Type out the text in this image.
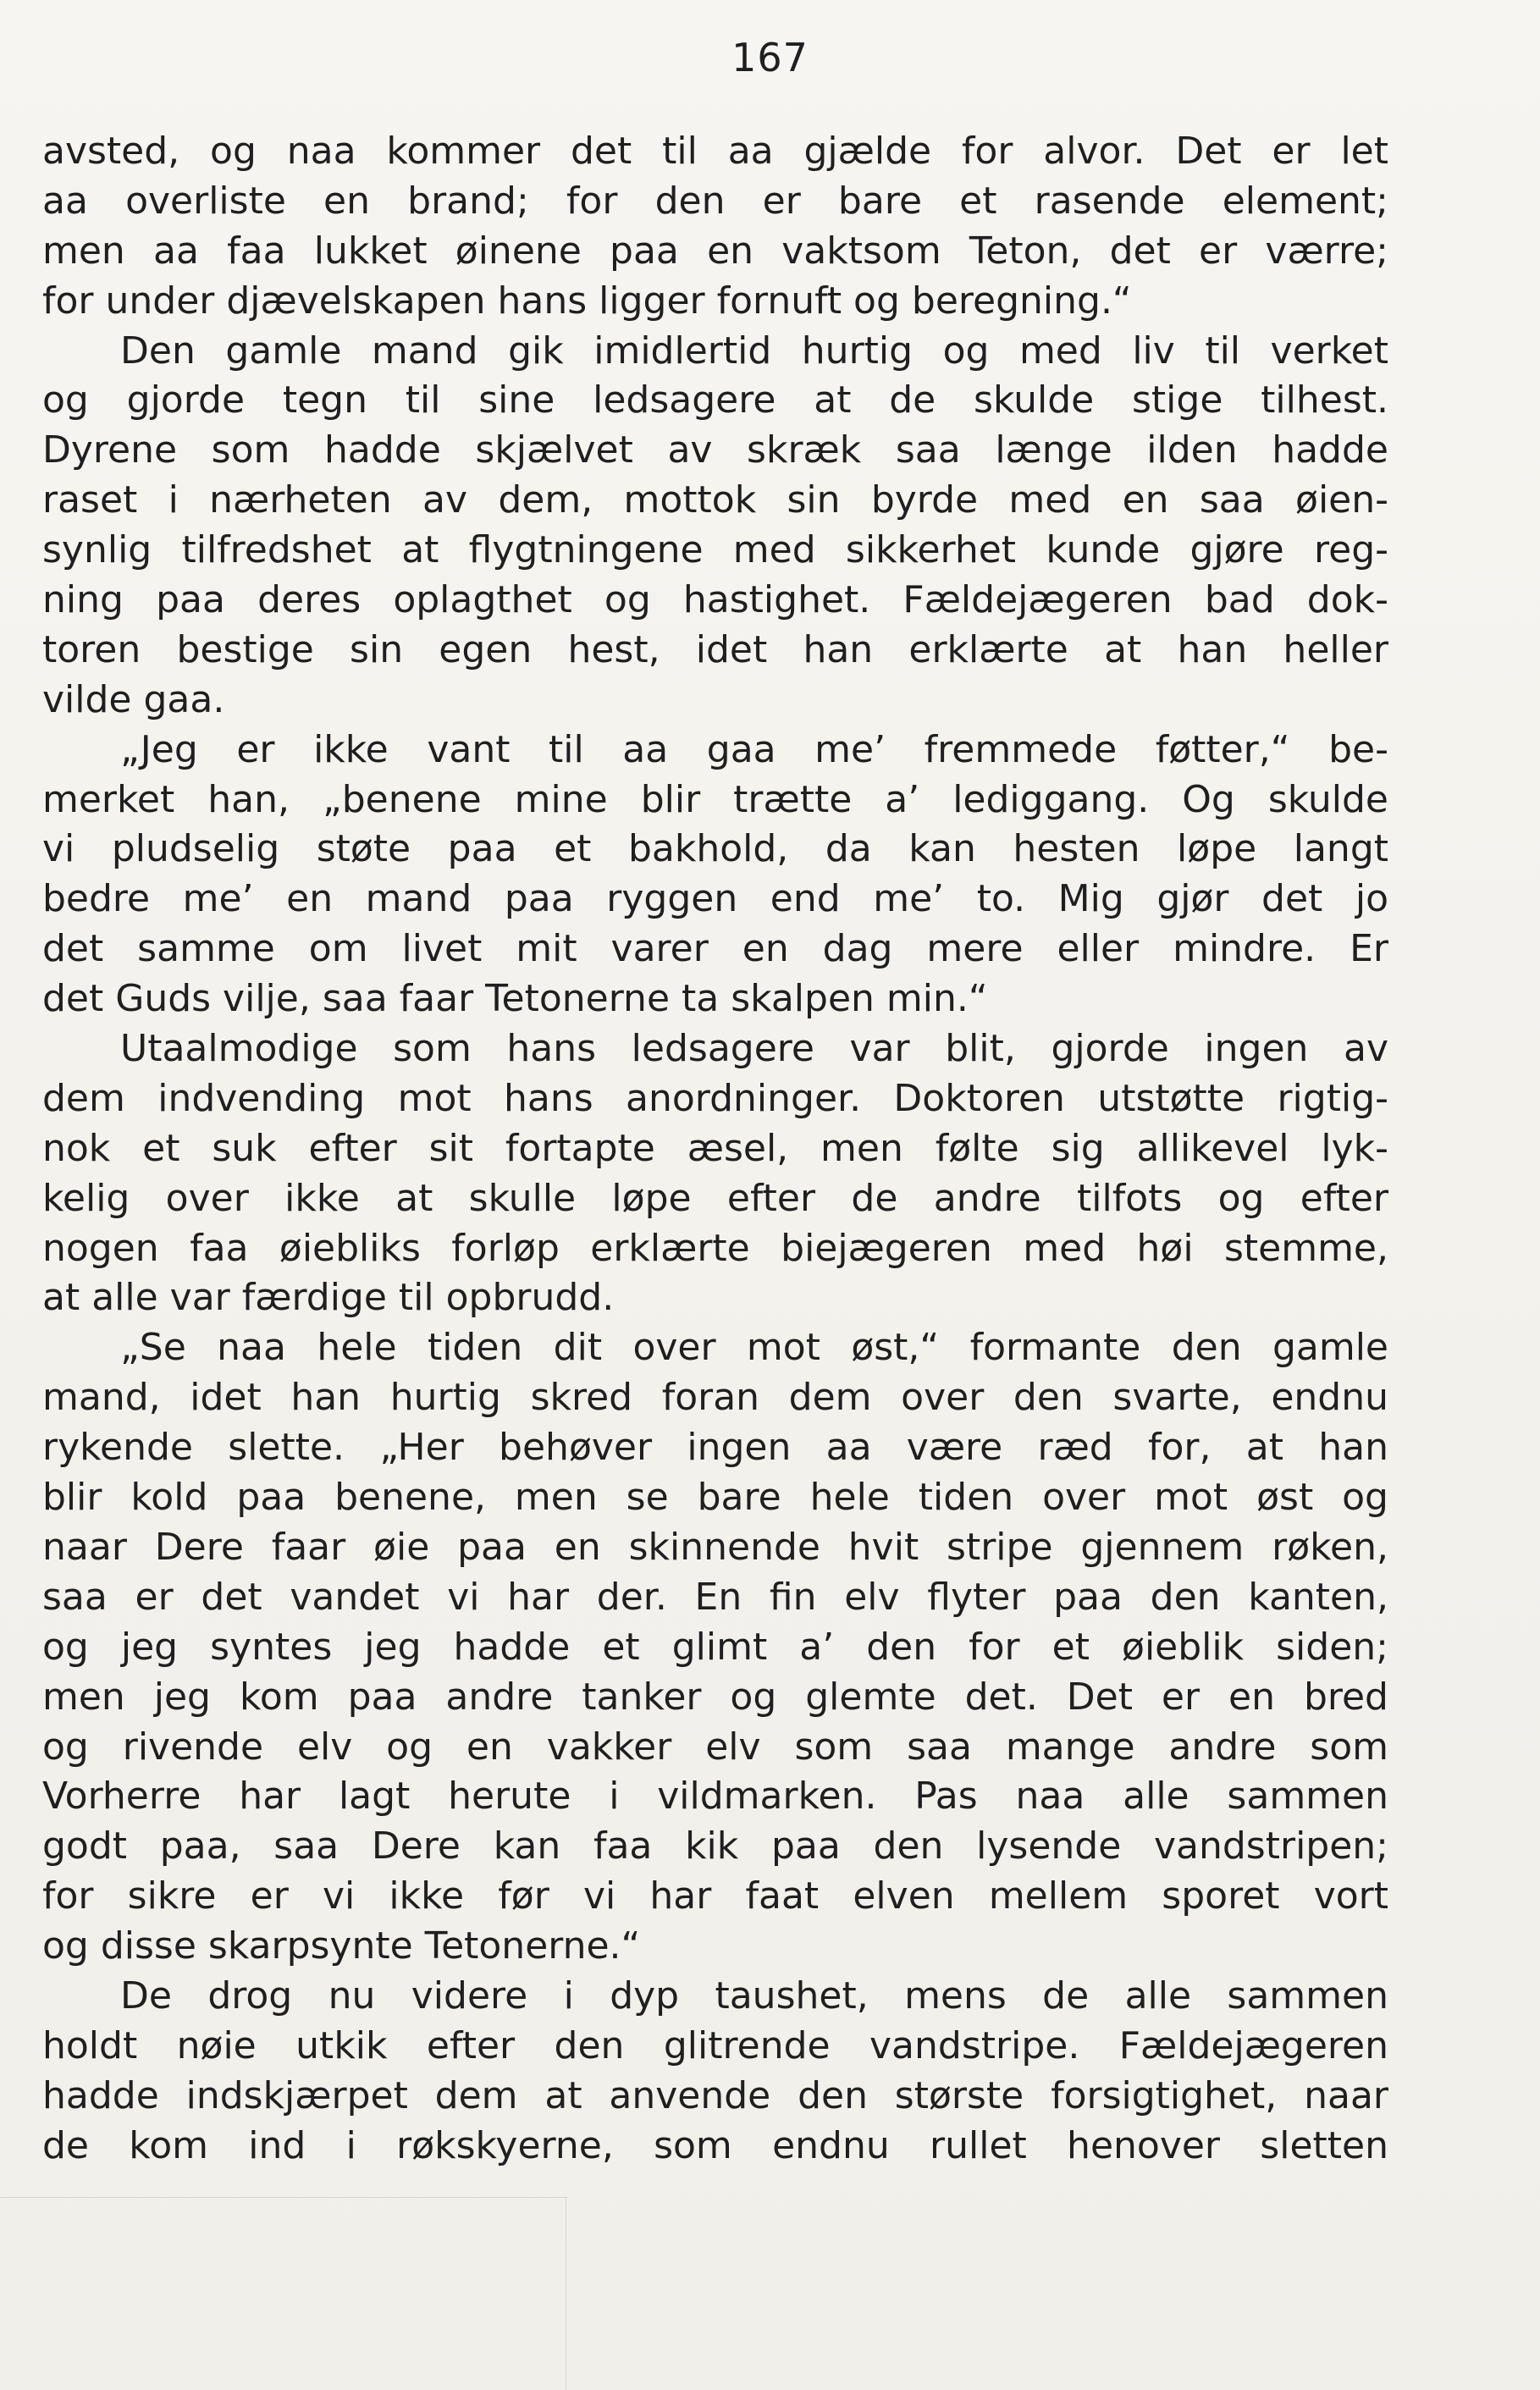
167
avsted, og naa kommer det til aa gjælde for alvor. Det er let
aa overliste en brand; for den er bare et rasende element;
men aa faa lukket øinene paa en vaktsom Teton, det er værre;
for under djævelskapen hans ligger fornuft og beregning.“
Den gamle mand gik imidlertid hurtig og med liv til verket
og gjorde tegn til sine ledsagere at de skulde stige tilhest.
Dyrene som hadde skjælvet av skræk saa længe ilden hadde
raset i nærheten av dem, mottok sin byrde med en saa øien-
synlig tilfredshet at flygtningene med sikkerhet kunde gjøre reg-
ning paa deres oplagthet og hastighet. Fældejægeren bad dok-
toren bestige sin egen hest, idet han erklærte at han heller
vilde gaa.
„Jeg er ikke vant til aa gaa me’ fremmede føtter,“ be-
merket han, „benene mine blir trætte a’ lediggang. Og skulde
vi pludselig støte paa et bakhold, da kan hesten løpe langt
bedre me’ en mand paa ryggen end me’ to. Mig gjør det jo
det samme om livet mit varer en dag mere eller mindre. Er
det Guds vilje, saa faar Tetonerne ta skalpen min.“
Utaalmodige som hans ledsagere var blit, gjorde ingen av
dem indvending mot hans anordninger. Doktoren utstøtte rigtig-
nok et suk efter sit fortapte æsel, men følte sig allikevel lyk-
kelig over ikke at skulle løpe efter de andre tilfots og efter
nogen faa øiebliks forløp erklærte biejægeren med høi stemme,
at alle var færdige til opbrudd.
„Se naa hele tiden dit over mot øst,“ formante den gamle
mand, idet han hurtig skred foran dem over den svarte, endnu
rykende slette. „Her behøver ingen aa være ræd for, at han
blir kold paa benene, men se bare hele tiden over mot øst og
naar Dere faar øie paa en skinnende hvit stripe gjennem røken,
saa er det vandet vi har der. En fin elv flyter paa den kanten,
og jeg syntes jeg hadde et glimt a’ den for et øieblik siden;
men jeg kom paa andre tanker og glemte det. Det er en bred
og rivende elv og en vakker elv som saa mange andre som
Vorherre har lagt herute i vildmarken. Pas naa alle sammen
godt paa, saa Dere kan faa kik paa den lysende vandstripen;
for sikre er vi ikke før vi har faat elven mellem sporet vort
og disse skarpsynte Tetonerne.“
De drog nu videre i dyp taushet, mens de alle sammen
holdt nøie utkik efter den glitrende vandstripe. Fældejægeren
hadde indskjærpet dem at anvende den største forsigtighet, naar
de kom ind i røkskyerne, som endnu rullet henover sletten
